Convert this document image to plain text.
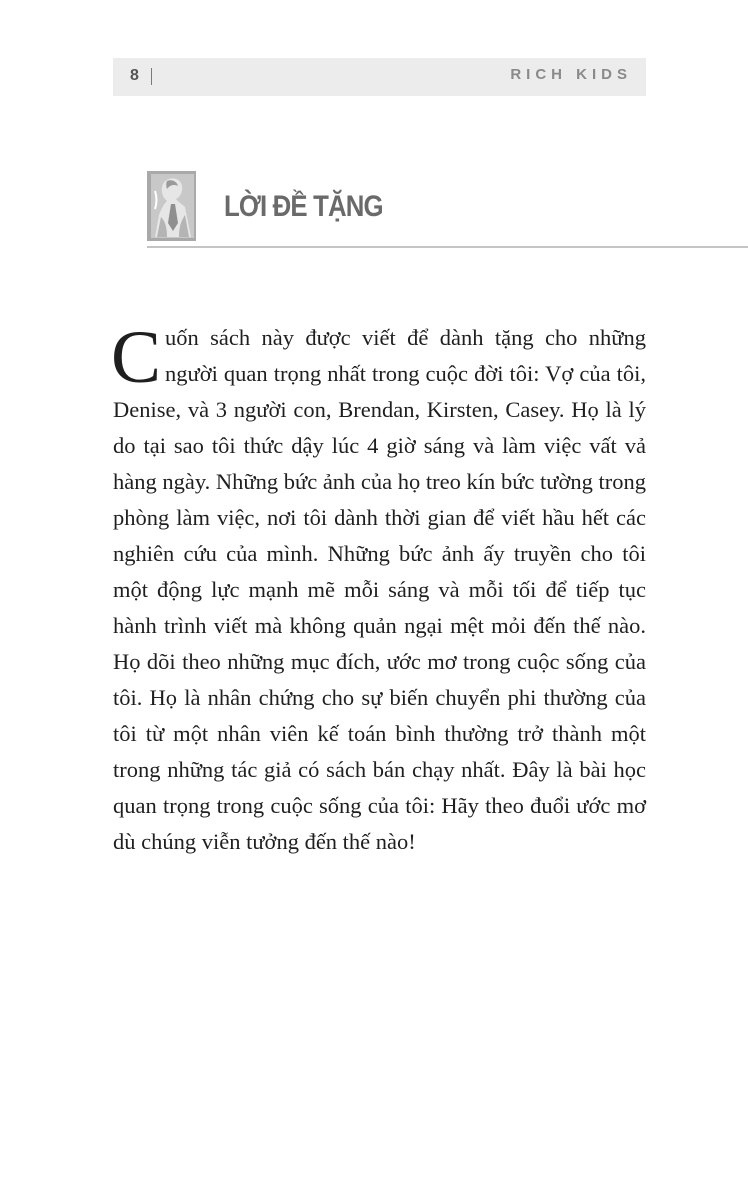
8	RICH KIDS
LỜI ĐỀ TẶNG

Cuốn sách này được viết để dành tặng cho những người quan trọng nhất trong cuộc đời tôi: Vợ của tôi, Denise, và 3 người con, Brendan, Kirsten, Casey. Họ là lý do tại sao tôi thức dậy lúc 4 giờ sáng và làm việc vất vả hàng ngày. Những bức ảnh của họ treo kín bức tường trong phòng làm việc, nơi tôi dành thời gian để viết hầu hết các nghiên cứu của mình. Những bức ảnh ấy truyền cho tôi một động lực mạnh mẽ mỗi sáng và mỗi tối để tiếp tục hành trình viết mà không quản ngại mệt mỏi đến thế nào. Họ dõi theo những mục đích, ước mơ trong cuộc sống của tôi. Họ là nhân chứng cho sự biến chuyển phi thường của tôi từ một nhân viên kế toán bình thường trở thành một trong những tác giả có sách bán chạy nhất. Đây là bài học quan trọng trong cuộc sống của tôi: Hãy theo đuổi ước mơ dù chúng viễn tưởng đến thế nào!
